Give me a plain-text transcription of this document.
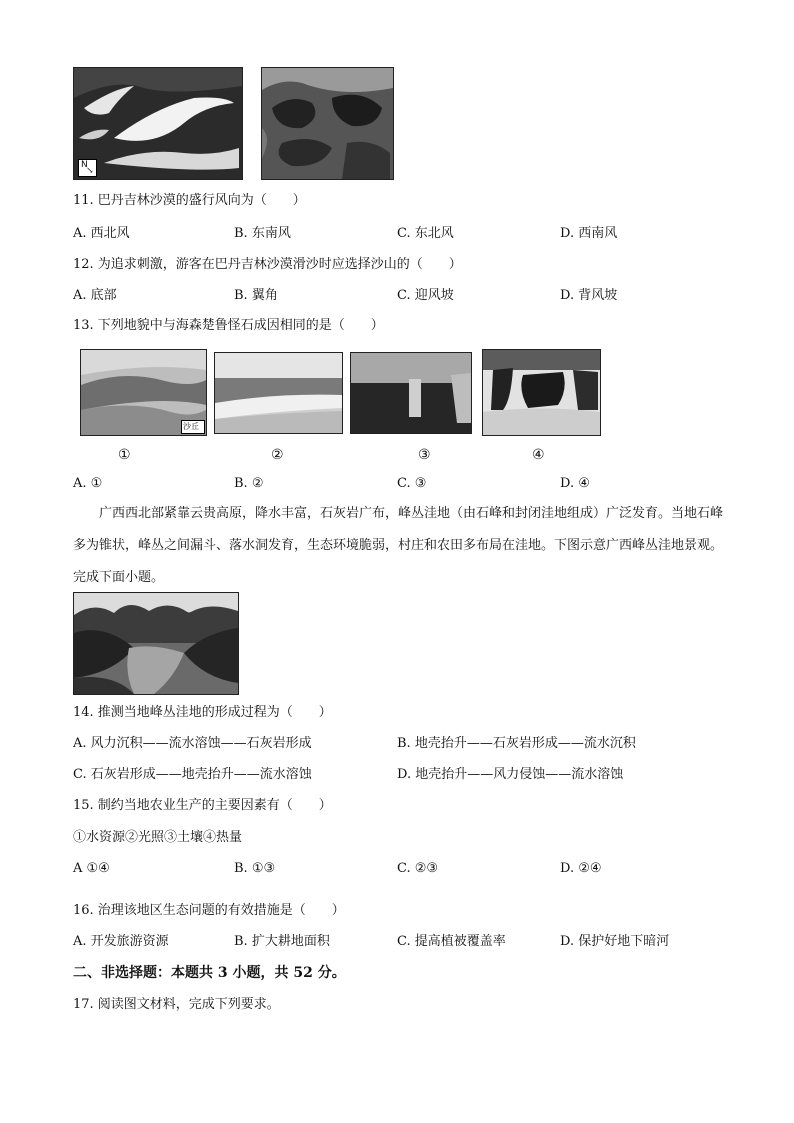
N
↘
11. 巴丹吉林沙漠的盛行风向为（　　）
A. 西北风	B. 东南风	C. 东北风	D. 西南风
12. 为追求刺激，游客在巴丹吉林沙漠滑沙时应选择沙山的（　　）
A. 底部	B. 翼角	C. 迎风坡	D. 背风坡
13. 下列地貌中与海森楚鲁怪石成因相同的是（　　）
沙丘
①	②	③	④
A. ①	B. ②	C. ③	D. ④
广西西北部紧靠云贵高原，降水丰富，石灰岩广布，峰丛洼地（由石峰和封闭洼地组成）广泛发育。当地石峰多为锥状，峰丛之间漏斗、落水洞发育，生态环境脆弱，村庄和农田多布局在洼地。下图示意广西峰丛洼地景观。完成下面小题。
14. 推测当地峰丛洼地的形成过程为（　　）
A. 风力沉积——流水溶蚀——石灰岩形成	B. 地壳抬升——石灰岩形成——流水沉积
C. 石灰岩形成——地壳抬升——流水溶蚀	D. 地壳抬升——风力侵蚀——流水溶蚀
15. 制约当地农业生产的主要因素有（　　）
①水资源②光照③土壤④热量
A ①④	B. ①③	C. ②③	D. ②④
16. 治理该地区生态问题的有效措施是（　　）
A. 开发旅游资源	B. 扩大耕地面积	C. 提高植被覆盖率	D. 保护好地下暗河
二、非选择题：本题共 3 小题，共 52 分。
17. 阅读图文材料，完成下列要求。
